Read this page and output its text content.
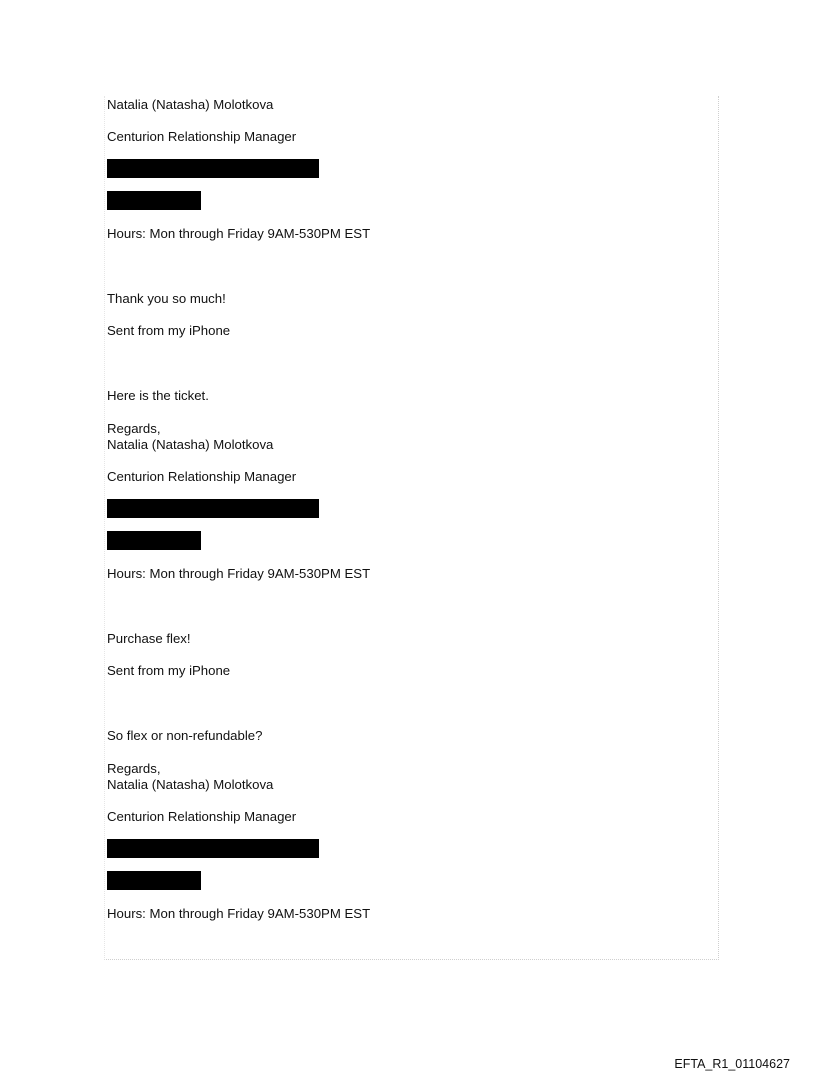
Natalia (Natasha) Molotkova
Centurion Relationship Manager
Hours: Mon through Friday 9AM-530PM EST
Thank you so much!
Sent from my iPhone
Here is the ticket.
Regards,
Natalia (Natasha) Molotkova
Centurion Relationship Manager
Hours: Mon through Friday 9AM-530PM EST
Purchase flex!
Sent from my iPhone
So flex or non-refundable?
Regards,
Natalia (Natasha) Molotkova
Centurion Relationship Manager
Hours: Mon through Friday 9AM-530PM EST
EFTA_R1_01104627
